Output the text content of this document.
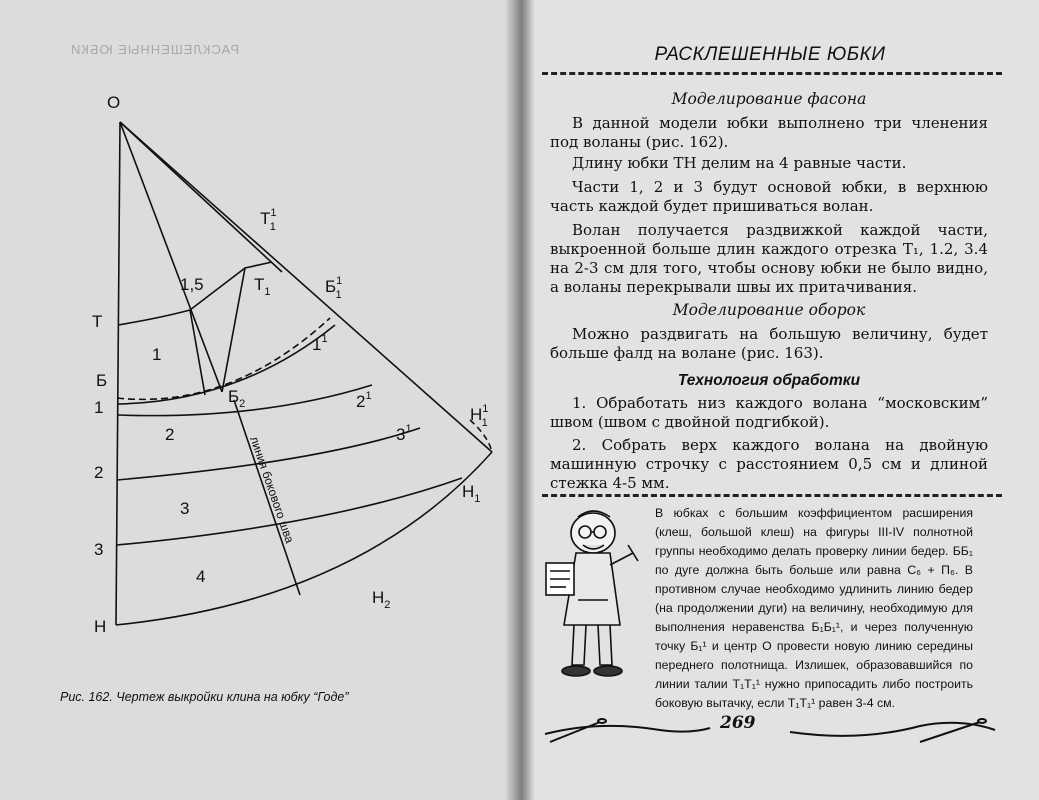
РАСКЛЕШЕННЫЕ ЮБКИ
О
Т
Б
1
2
3
Н
1
2
3
4
1,5
$Т^1$ 1
$Т_1$	$Б^1$ 1
$1^1$
$Б_2$	$2^1$
$3^1$
$Н^1$ 1
$Н_1$
$Н_2$
линия бокового шва
Рис. 162. Чертеж выкройки клина на юбку “Годе”
РАСКЛЕШЕННЫЕ ЮБКИ
Моделирование фасона
В данной модели юбки выполнено три членения под воланы (рис. 162).
Длину юбки ТН делим на 4 равные части.
Части 1, 2 и 3 будут основой юбки, в верхнюю часть каждой будет пришиваться волан.
Волан получается раздвижкой каждой части, выкроенной больше длин каждого отрезка Т₁, 1.2, 3.4 на 2-3 см для того, чтобы основу юбки не было видно, а воланы перекрывали швы их притачивания.
Моделирование оборок
Можно раздвигать на большую величину, будет больше фалд на волане (рис. 163).
Технология обработки
1. Обработать низ каждого волана “московским” швом (швом с двойной подгибкой).
2. Собрать верх каждого волана на двойную машинную строчку с расстоянием 0,5 см и длиной стежка 4-5 мм.
В юбках с большим коэффициентом расширения (клеш, большой клеш) на фигуры III-IV полнотной группы необходимо делать проверку линии бедер. ББ₁ по дуге должна быть больше или равна С₆ + П₆. В противном случае необходимо удлинить линию бедер (на продолжении дуги) на величину, необходимую для выполнения неравенства Б₁Б₁¹, и через полученную точку Б₁¹ и центр О провести новую линию середины переднего полотнища. Излишек, образовавшийся по линии талии Т₁Т₁¹ нужно припосадить либо построить боковую вытачку, если Т₁Т₁¹ равен 3-4 см.
269
